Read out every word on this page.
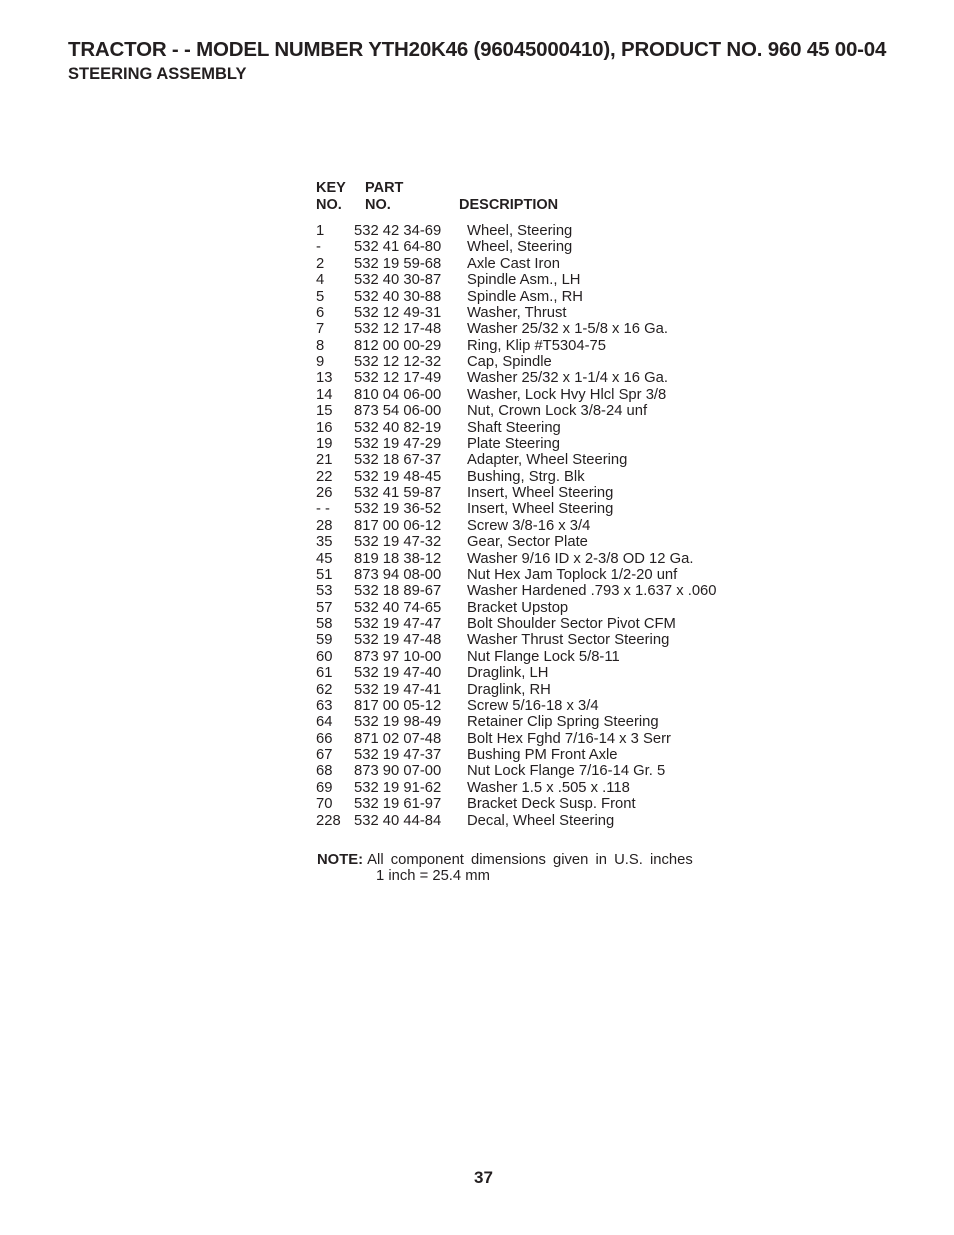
TRACTOR - - MODEL NUMBER YTH20K46 (96045000410), PRODUCT NO. 960 45 00-04
STEERING ASSEMBLY
KEY
NO.
PART
NO.	DESCRIPTION
1 532 42 34-69 Wheel, Steering
- 532 41 64-80 Wheel, Steering
2 532 19 59-68 Axle Cast Iron
4 532 40 30-87 Spindle Asm., LH
5 532 40 30-88 Spindle Asm., RH
6 532 12 49-31 Washer, Thrust
7 532 12 17-48 Washer 25/32 x 1-5/8 x 16 Ga.
8 812 00 00-29 Ring, Klip #T5304-75
9 532 12 12-32 Cap, Spindle
13 532 12 17-49 Washer 25/32 x 1-1/4 x 16 Ga.
14 810 04 06-00 Washer, Lock Hvy Hlcl Spr 3/8
15 873 54 06-00 Nut, Crown Lock 3/8-24 unf
16 532 40 82-19 Shaft Steering
19 532 19 47-29 Plate Steering
21 532 18 67-37 Adapter, Wheel Steering
22 532 19 48-45 Bushing, Strg. Blk
26 532 41 59-87 Insert, Wheel Steering
- - 532 19 36-52 Insert, Wheel Steering
28 817 00 06-12 Screw 3/8-16 x 3/4
35 532 19 47-32 Gear, Sector Plate
45 819 18 38-12 Washer 9/16 ID x 2-3/8 OD 12 Ga.
51 873 94 08-00 Nut Hex Jam Toplock 1/2-20 unf
53 532 18 89-67 Washer Hardened .793 x 1.637 x .060
57 532 40 74-65 Bracket Upstop
58 532 19 47-47 Bolt Shoulder Sector Pivot CFM
59 532 19 47-48 Washer Thrust Sector Steering
60 873 97 10-00 Nut Flange Lock 5/8-11
61 532 19 47-40 Draglink, LH
62 532 19 47-41 Draglink, RH
63 817 00 05-12 Screw 5/16-18 x 3/4
64 532 19 98-49 Retainer Clip Spring Steering
66 871 02 07-48 Bolt Hex Fghd 7/16-14 x 3 Serr
67 532 19 47-37 Bushing PM Front Axle
68 873 90 07-00 Nut Lock Flange 7/16-14 Gr. 5
69 532 19 91-62 Washer 1.5 x .505 x .118
70 532 19 61-97 Bracket Deck Susp. Front
228 532 40 44-84 Decal, Wheel Steering
NOTE: All component dimensions given in U.S. inches
1 inch = 25.4 mm
37
